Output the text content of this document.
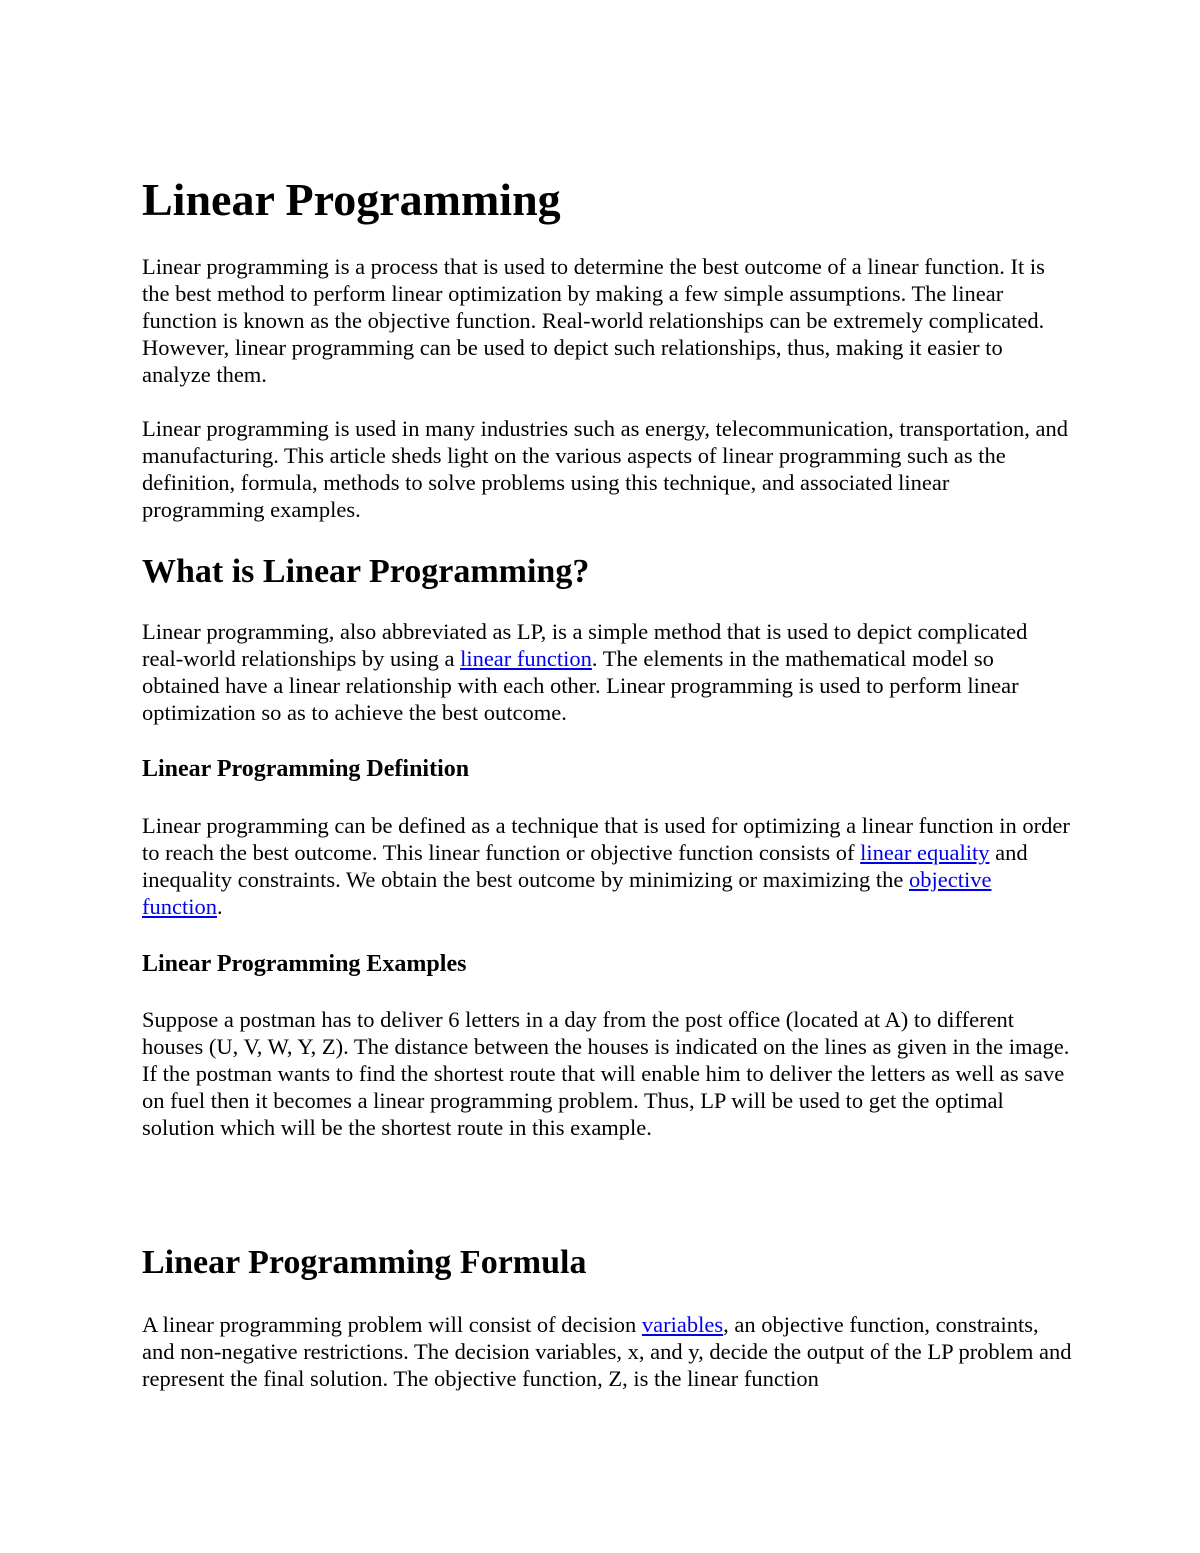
Linear Programming

Linear programming is a process that is used to determine the best outcome of a linear function. It is the best method to perform linear optimization by making a few simple assumptions. The linear function is known as the objective function. Real-world relationships can be extremely complicated. However, linear programming can be used to depict such relationships, thus, making it easier to analyze them.

Linear programming is used in many industries such as energy, telecommunication, transportation, and manufacturing. This article sheds light on the various aspects of linear programming such as the definition, formula, methods to solve problems using this technique, and associated linear programming examples.

What is Linear Programming?

Linear programming, also abbreviated as LP, is a simple method that is used to depict complicated real-world relationships by using a linear function. The elements in the mathematical model so obtained have a linear relationship with each other. Linear programming is used to perform linear optimization so as to achieve the best outcome.

Linear Programming Definition

Linear programming can be defined as a technique that is used for optimizing a linear function in order to reach the best outcome. This linear function or objective function consists of linear equality and inequality constraints. We obtain the best outcome by minimizing or maximizing the objective function.

Linear Programming Examples

Suppose a postman has to deliver 6 letters in a day from the post office (located at A) to different houses (U, V, W, Y, Z). The distance between the houses is indicated on the lines as given in the image. If the postman wants to find the shortest route that will enable him to deliver the letters as well as save on fuel then it becomes a linear programming problem. Thus, LP will be used to get the optimal solution which will be the shortest route in this example.

Linear Programming Formula

A linear programming problem will consist of decision variables, an objective function, constraints, and non-negative restrictions. The decision variables, x, and y, decide the output of the LP problem and represent the final solution. The objective function, Z, is the linear function
